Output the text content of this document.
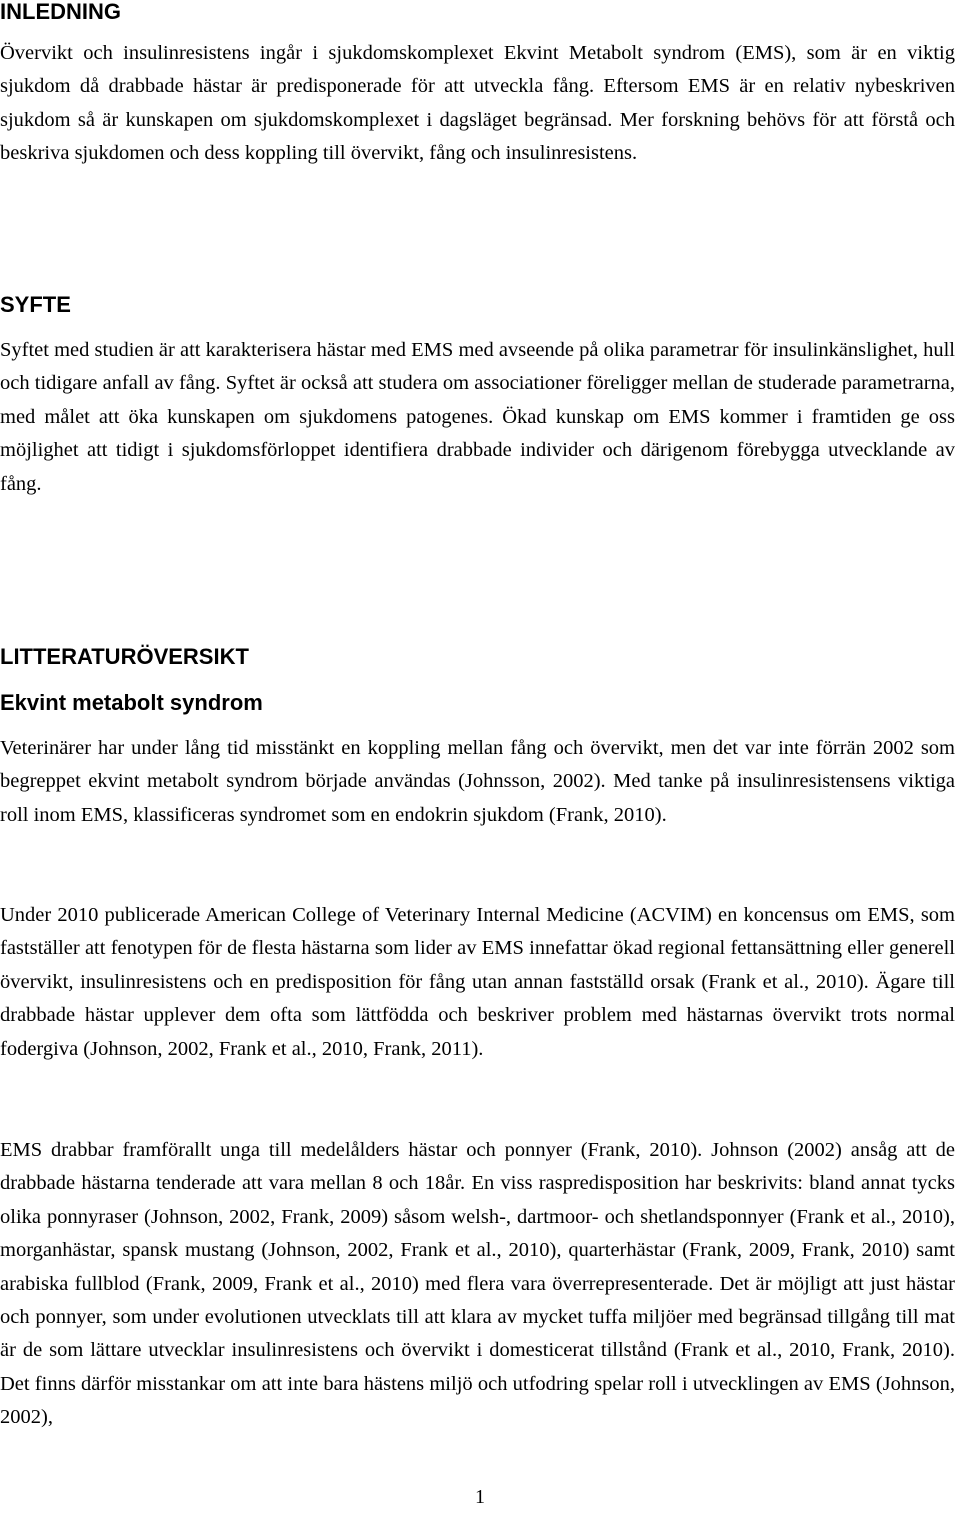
INLEDNING

Övervikt och insulinresistens ingår i sjukdomskomplexet Ekvint Metabolt syndrom (EMS), som är en viktig sjukdom då drabbade hästar är predisponerade för att utveckla fång. Eftersom EMS är en relativ nybeskriven sjukdom så är kunskapen om sjukdomskomplexet i dagsläget begränsad. Mer forskning behövs för att förstå och beskriva sjukdomen och dess koppling till övervikt, fång och insulinresistens.

SYFTE

Syftet med studien är att karakterisera hästar med EMS med avseende på olika parametrar för insulinkänslighet, hull och tidigare anfall av fång. Syftet är också att studera om associationer föreligger mellan de studerade parametrarna, med målet att öka kunskapen om sjukdomens patogenes. Ökad kunskap om EMS kommer i framtiden ge oss möjlighet att tidigt i sjukdomsförloppet identifiera drabbade individer och därigenom förebygga utvecklande av fång.

LITTERATURÖVERSIKT
Ekvint metabolt syndrom

Veterinärer har under lång tid misstänkt en koppling mellan fång och övervikt, men det var inte förrän 2002 som begreppet ekvint metabolt syndrom började användas (Johnsson, 2002). Med tanke på insulinresistensens viktiga roll inom EMS, klassificeras syndromet som en endokrin sjukdom (Frank, 2010).

Under 2010 publicerade American College of Veterinary Internal Medicine (ACVIM) en koncensus om EMS, som fastställer att fenotypen för de flesta hästarna som lider av EMS innefattar ökad regional fettansättning eller generell övervikt, insulinresistens och en predisposition för fång utan annan fastställd orsak (Frank et al., 2010). Ägare till drabbade hästar upplever dem ofta som lättfödda och beskriver problem med hästarnas övervikt trots normal fodergiva (Johnson, 2002, Frank et al., 2010, Frank, 2011).

EMS drabbar framförallt unga till medelålders hästar och ponnyer (Frank, 2010). Johnson (2002) ansåg att de drabbade hästarna tenderade att vara mellan 8 och 18år. En viss raspredisposition har beskrivits: bland annat tycks olika ponnyraser (Johnson, 2002, Frank, 2009) såsom welsh-, dartmoor- och shetlandsponnyer (Frank et al., 2010), morganhästar, spansk mustang (Johnson, 2002, Frank et al., 2010), quarterhästar (Frank, 2009, Frank, 2010) samt arabiska fullblod (Frank, 2009, Frank et al., 2010) med flera vara överrepresenterade. Det är möjligt att just hästar och ponnyer, som under evolutionen utvecklats till att klara av mycket tuffa miljöer med begränsad tillgång till mat är de som lättare utvecklar insulinresistens och övervikt i domesticerat tillstånd (Frank et al., 2010, Frank, 2010). Det finns därför misstankar om att inte bara hästens miljö och utfodring spelar roll i utvecklingen av EMS (Johnson, 2002),

1
